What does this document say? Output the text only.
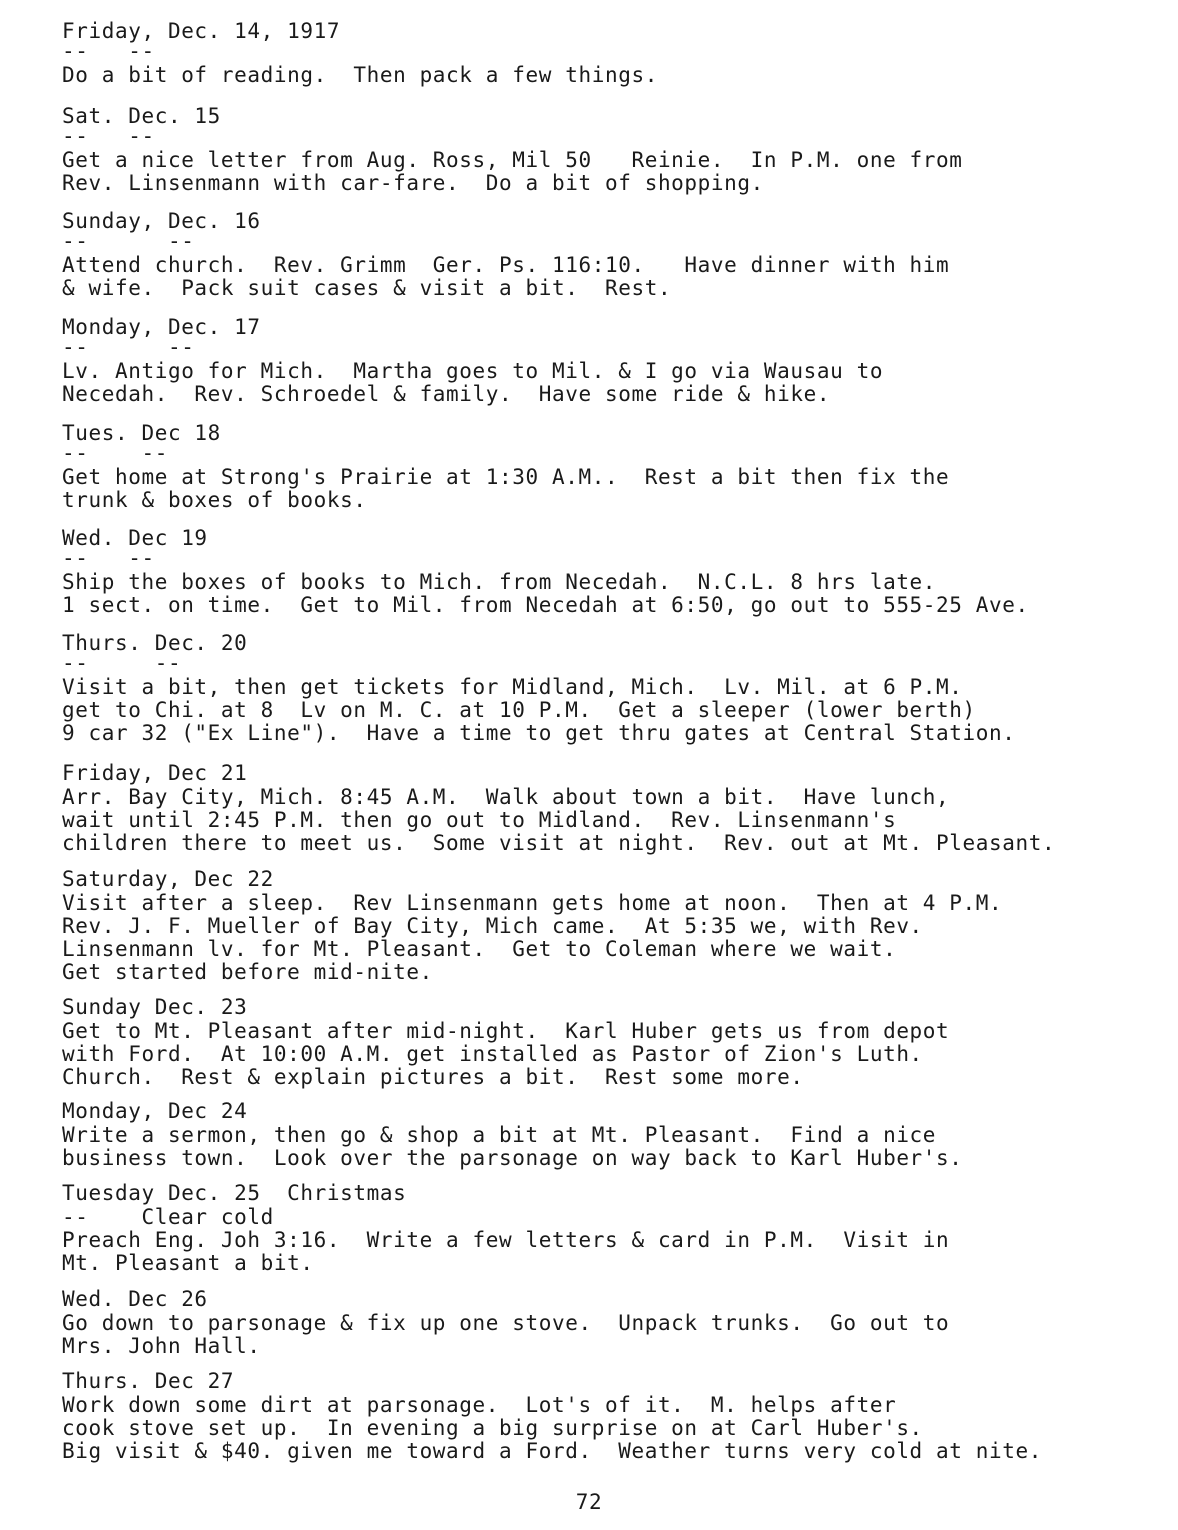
Friday, Dec. 14, 1917
--   --
Do a bit of reading.  Then pack a few things.
Sat. Dec. 15
--   --
Get a nice letter from Aug. Ross, Mil 50   Reinie.  In P.M. one from
Rev. Linsenmann with car-fare.  Do a bit of shopping.
Sunday, Dec. 16
--      --
Attend church.  Rev. Grimm  Ger. Ps. 116:10.   Have dinner with him
& wife.  Pack suit cases & visit a bit.  Rest.
Monday, Dec. 17
--      --
Lv. Antigo for Mich.  Martha goes to Mil. & I go via Wausau to
Necedah.  Rev. Schroedel & family.  Have some ride & hike.
Tues. Dec 18
--    --
Get home at Strong's Prairie at 1:30 A.M..  Rest a bit then fix the
trunk & boxes of books.
Wed. Dec 19
--   --
Ship the boxes of books to Mich. from Necedah.  N.C.L. 8 hrs late.
1 sect. on time.  Get to Mil. from Necedah at 6:50, go out to 555-25 Ave.
Thurs. Dec. 20
--     --
Visit a bit, then get tickets for Midland, Mich.  Lv. Mil. at 6 P.M.
get to Chi. at 8  Lv on M. C. at 10 P.M.  Get a sleeper (lower berth)
9 car 32 ("Ex Line").  Have a time to get thru gates at Central Station.
Friday, Dec 21
Arr. Bay City, Mich. 8:45 A.M.  Walk about town a bit.  Have lunch,
wait until 2:45 P.M. then go out to Midland.  Rev. Linsenmann's
children there to meet us.  Some visit at night.  Rev. out at Mt. Pleasant.
Saturday, Dec 22
Visit after a sleep.  Rev Linsenmann gets home at noon.  Then at 4 P.M.
Rev. J. F. Mueller of Bay City, Mich came.  At 5:35 we, with Rev.
Linsenmann lv. for Mt. Pleasant.  Get to Coleman where we wait.
Get started before mid-nite.
Sunday Dec. 23
Get to Mt. Pleasant after mid-night.  Karl Huber gets us from depot
with Ford.  At 10:00 A.M. get installed as Pastor of Zion's Luth.
Church.  Rest & explain pictures a bit.  Rest some more.
Monday, Dec 24
Write a sermon, then go & shop a bit at Mt. Pleasant.  Find a nice
business town.  Look over the parsonage on way back to Karl Huber's.
Tuesday Dec. 25  Christmas
--    Clear cold
Preach Eng. Joh 3:16.  Write a few letters & card in P.M.  Visit in
Mt. Pleasant a bit.
Wed. Dec 26
Go down to parsonage & fix up one stove.  Unpack trunks.  Go out to
Mrs. John Hall.
Thurs. Dec 27
Work down some dirt at parsonage.  Lot's of it.  M. helps after
cook stove set up.  In evening a big surprise on at Carl Huber's.
Big visit & $40. given me toward a Ford.  Weather turns very cold at nite.
72
